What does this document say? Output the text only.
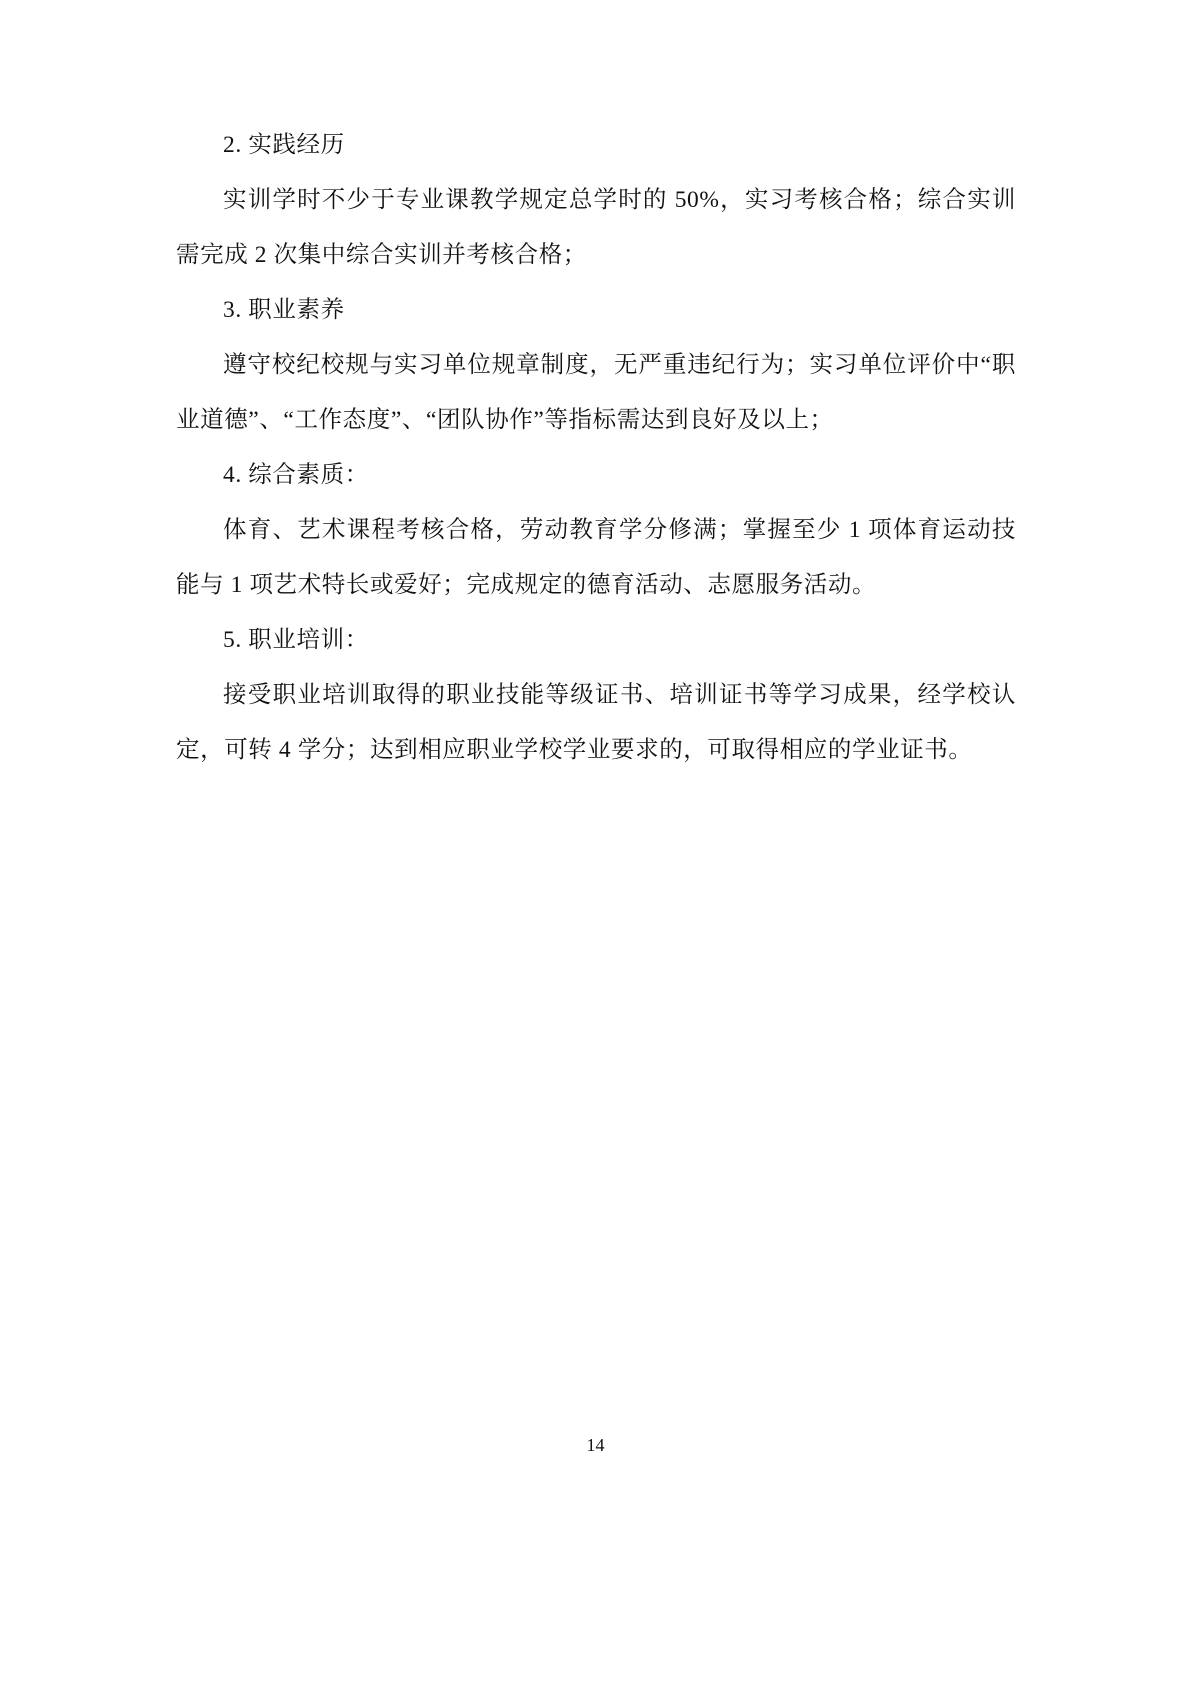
2. 实践经历

实训学时不少于专业课教学规定总学时的 50%，实习考核合格；综合实训需完成 2 次集中综合实训并考核合格；

3. 职业素养

遵守校纪校规与实习单位规章制度，无严重违纪行为；实习单位评价中“职业道德”、“工作态度”、“团队协作”等指标需达到良好及以上；

4. 综合素质：

体育、艺术课程考核合格，劳动教育学分修满；掌握至少 1 项体育运动技能与 1 项艺术特长或爱好；完成规定的德育活动、志愿服务活动。

5. 职业培训：

接受职业培训取得的职业技能等级证书、培训证书等学习成果，经学校认定，可转 4 学分；达到相应职业学校学业要求的，可取得相应的学业证书。

14
